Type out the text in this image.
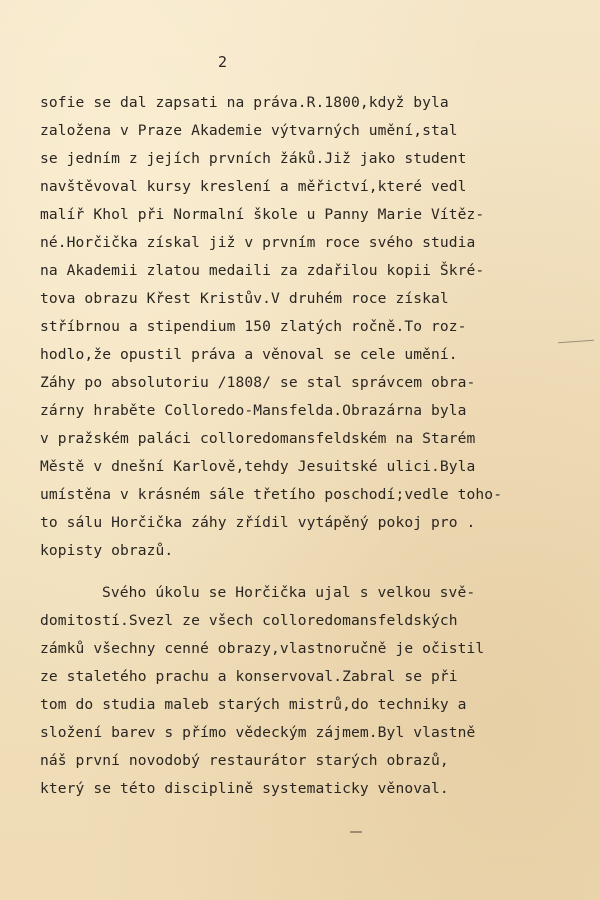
2
sofie se dal zapsati na práva.R.1800,když byla
založena v Praze Akademie výtvarných umění,stal
se jedním z jejích prvních žáků.Již jako student
navštěvoval kursy kreslení a měřictví,které vedl
malíř Khol při Normalní škole u Panny Marie Vítěz-
né.Horčička získal již v prvním roce svého studia
na Akademii zlatou medaili za zdařilou kopii Škré-
tova obrazu Křest Kristův.V druhém roce získal
stříbrnou a stipendium 150 zlatých ročně.To roz-
hodlo,že opustil práva a věnoval se cele umění.
Záhy po absolutoriu /1808/ se stal správcem obra-
zárny hraběte Colloredo-Mansfelda.Obrazárna byla
v pražském paláci colloredomansfeldském na Starém
Městě v dnešní Karlově,tehdy Jesuitské ulici.Byla
umístěna v krásném sále třetího poschodí;vedle toho-
to sálu Horčička záhy zřídil vytápěný pokoj pro .
kopisty obrazů.
Svého úkolu se Horčička ujal s velkou svě-
domitostí.Svezl ze všech colloredomansfeldských
zámků všechny cenné obrazy,vlastnoručně je očistil
ze staletého prachu a konservoval.Zabral se při
tom do studia maleb starých mistrů,do techniky a
složení barev s přímo vědeckým zájmem.Byl vlastně
náš první novodobý restaurátor starých obrazů,
který se této disciplině systematicky věnoval.
